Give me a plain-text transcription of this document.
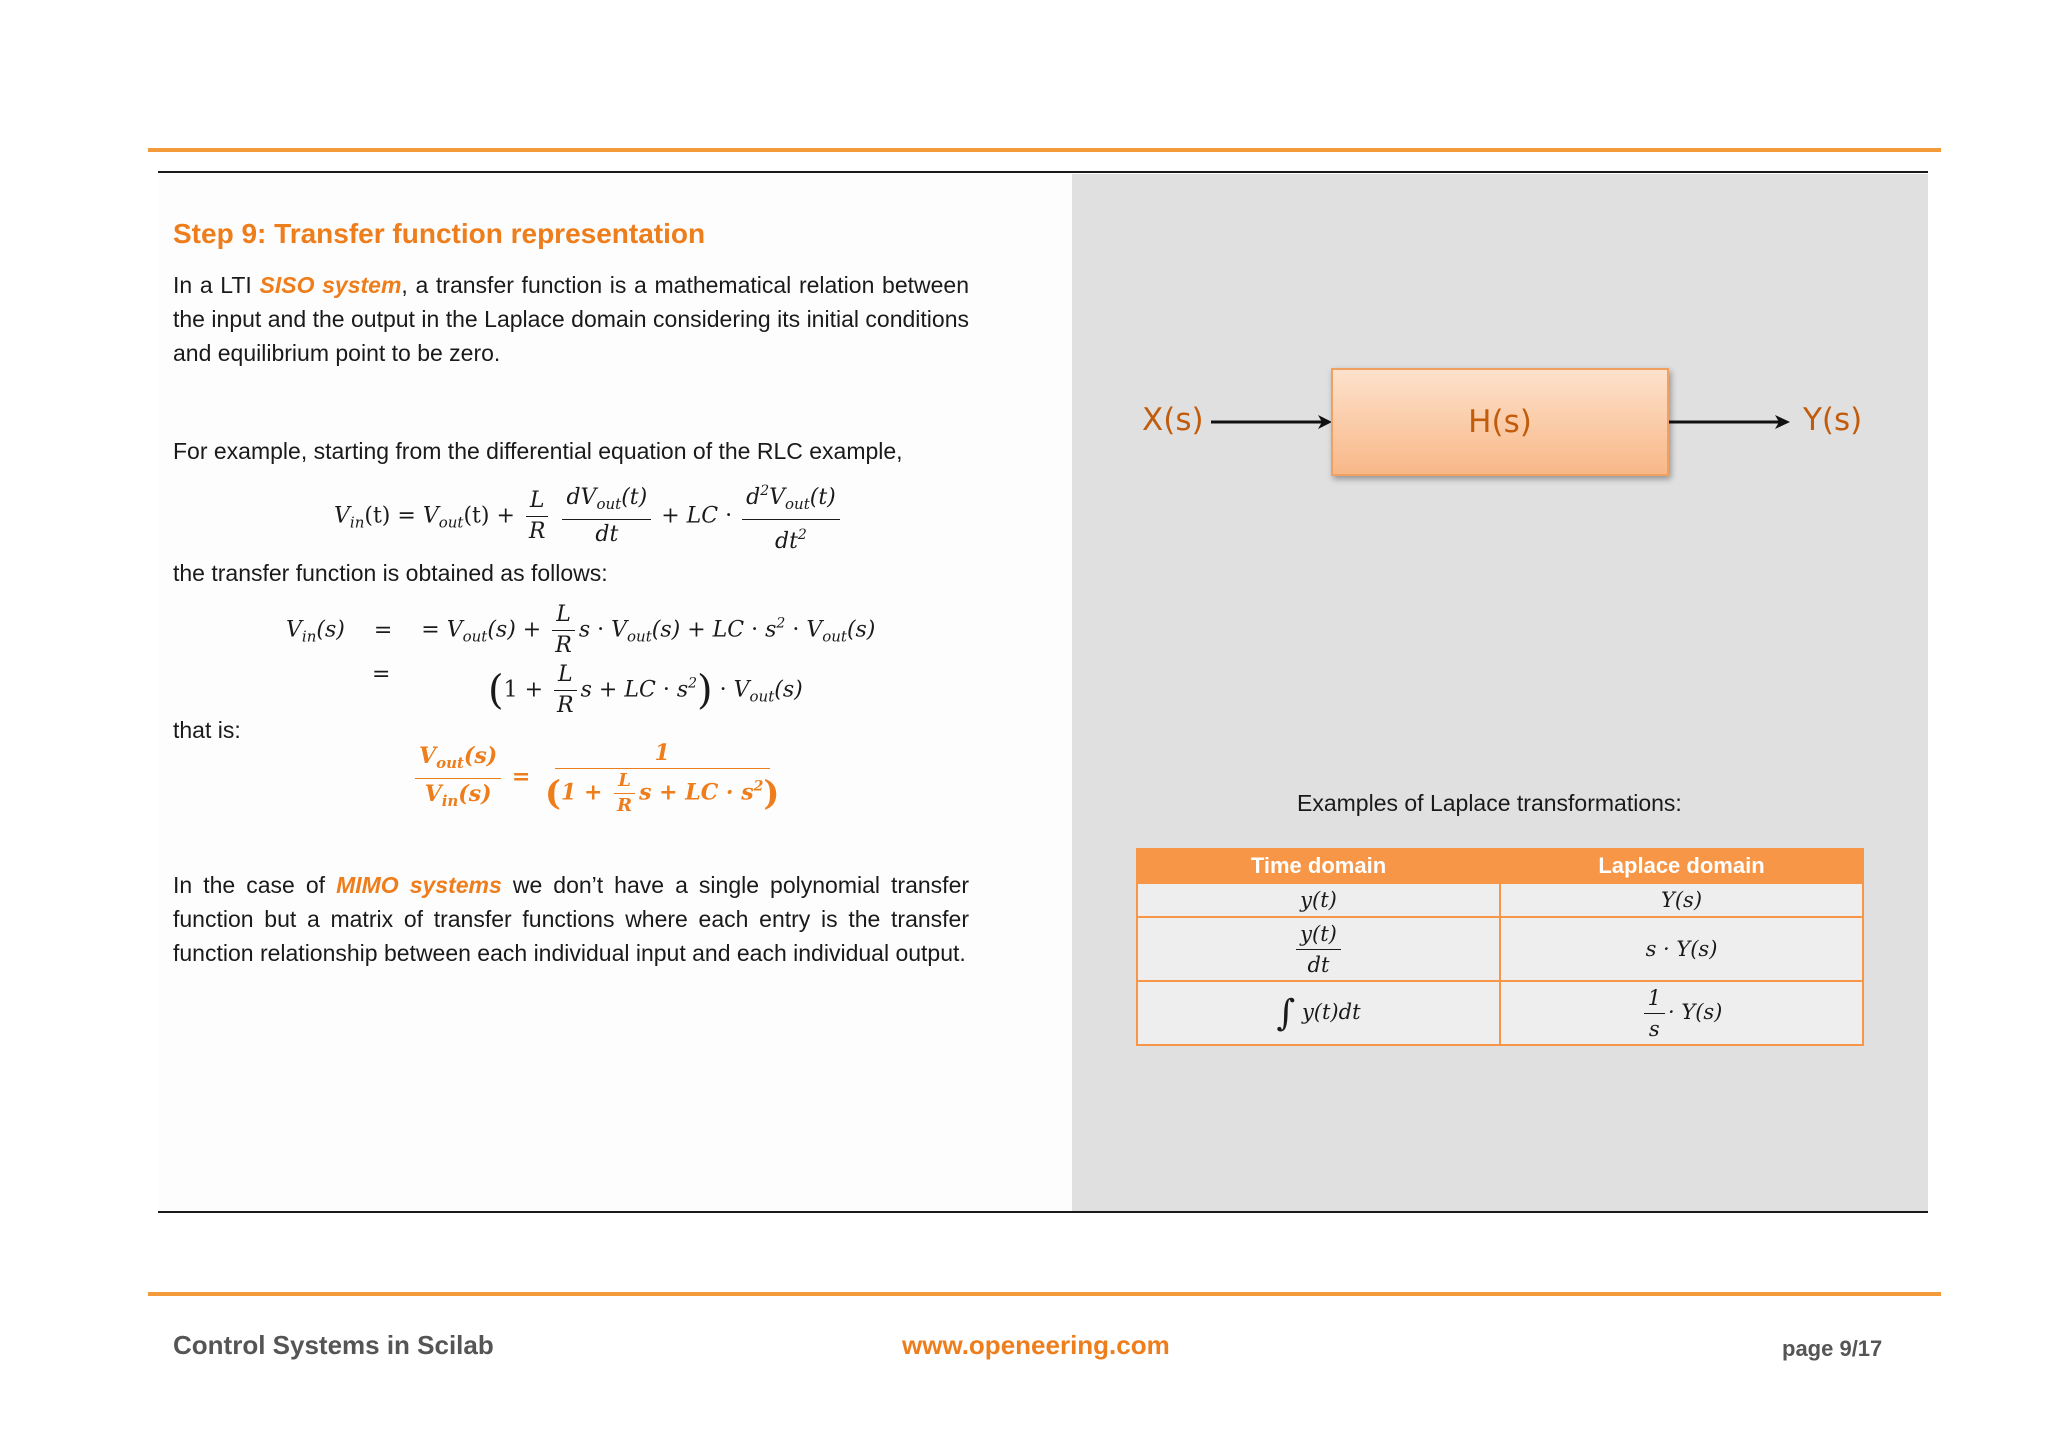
Step 9: Transfer function representation
In a LTI SISO system, a transfer function is a mathematical relation between the input and the output in the Laplace domain considering its initial conditions and equilibrium point to be zero.
For example, starting from the differential equation of the RLC example,
$V_{in}(t) = V_{out}(t) + \frac{L}{R}$
$\frac{dV_{out}(t)}{dt}$ + LC · $\frac{d^2V_{out}(t)}{dt^2}$
the transfer function is obtained as follows:
$V_{in}(s)$ = = $V_{out}(s) + \frac{L}{R}$ $s \cdot V_{out}(s)$ + LC · $s^2 \cdot V_{out}(s)$
= ($1 + \frac{L}{R}$ s + LC · $s^2) \cdot V_{out}(s)$
that is:
$\frac{V_{out}(s)}{V_{in}(s)} = \frac{1}{(1 + \frac{L}{R} s + LC \cdot s^2)}$
In the case of MIMO systems we don’t have a single polynomial transfer function but a matrix of transfer functions where each entry is the transfer function relationship between each individual input and each individual output.
X(s)	H(s)	Y(s)
Examples of Laplace transformations:
Time domain	Laplace domain
y(t)	Y(s)

$\frac{y(t)}{dt}$	s · Y(s)
∫ y(t)dt	$\frac{1}{s} \cdot Y(s)$
Control Systems in Scilab	www.openeering.com	page 9/17
